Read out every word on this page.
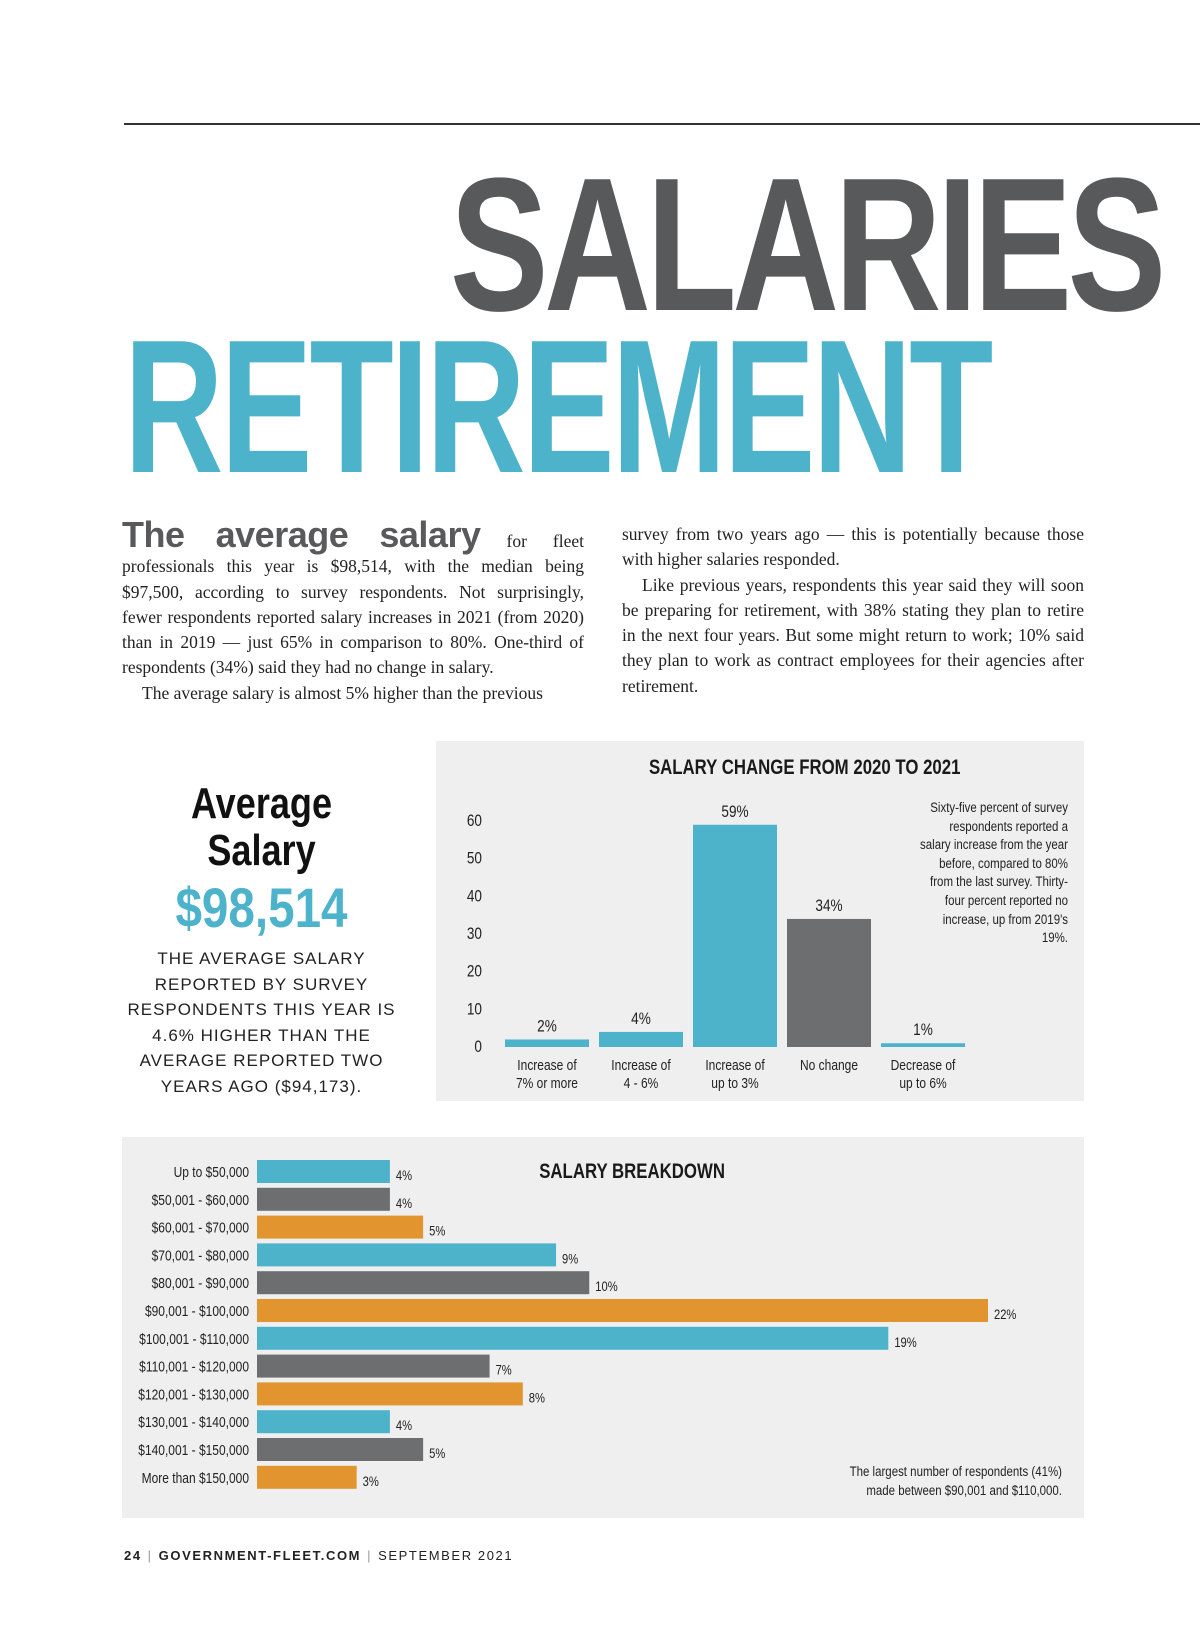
SALARIES
RETIREMENT

The average salary for fleet professionals this year is $98,514, with the median being $97,500, according to survey respondents. Not surprisingly, fewer respondents reported salary increases in 2021 (from 2020) than in 2019 — just 65% in comparison to 80%. One-third of respondents (34%) said they had no change in salary.

The average salary is almost 5% higher than the previous

survey from two years ago — this is potentially because those with higher salaries responded.

Like previous years, respondents this year said they will soon be preparing for retirement, with 38% stating they plan to retire in the next four years. But some might return to work; 10% said they plan to work as contract employees for their agencies after retirement.

Average
Salary
$98,514
THE AVERAGE SALARY REPORTED BY SURVEY RESPONDENTS THIS YEAR IS 4.6% HIGHER THAN THE AVERAGE REPORTED TWO YEARS AGO ($94,173).
SALARY CHANGE FROM 2020 TO 2021
60
50
40
30
20
10
0
2%
Increase of
7% or more
4%
Increase of
4 - 6%
59%
Increase of
up to 3%
34%
No change
1%
Decrease of
up to 6%
Sixty-five percent of survey respondents reported a salary increase from the year before, compared to 80% from the last survey. Thirty-four percent reported no increase, up from 2019's 19%.
SALARY BREAKDOWN
Up to $50,000	4%
$50,001 - $60,000	4%
$60,001 - $70,000	5%
$70,001 - $80,000	9%
$80,001 - $90,000	10%
$90,001 - $100,000	22%
$100,001 - $110,000	19%
$110,001 - $120,000	7%
$120,001 - $130,000	8%
$130,001 - $140,000	4%
$140,001 - $150,000	5%
More than $150,000	3%
The largest number of respondents (41%) made between $90,001 and $110,000.
24 | GOVERNMENT-FLEET.COM | SEPTEMBER 2021
